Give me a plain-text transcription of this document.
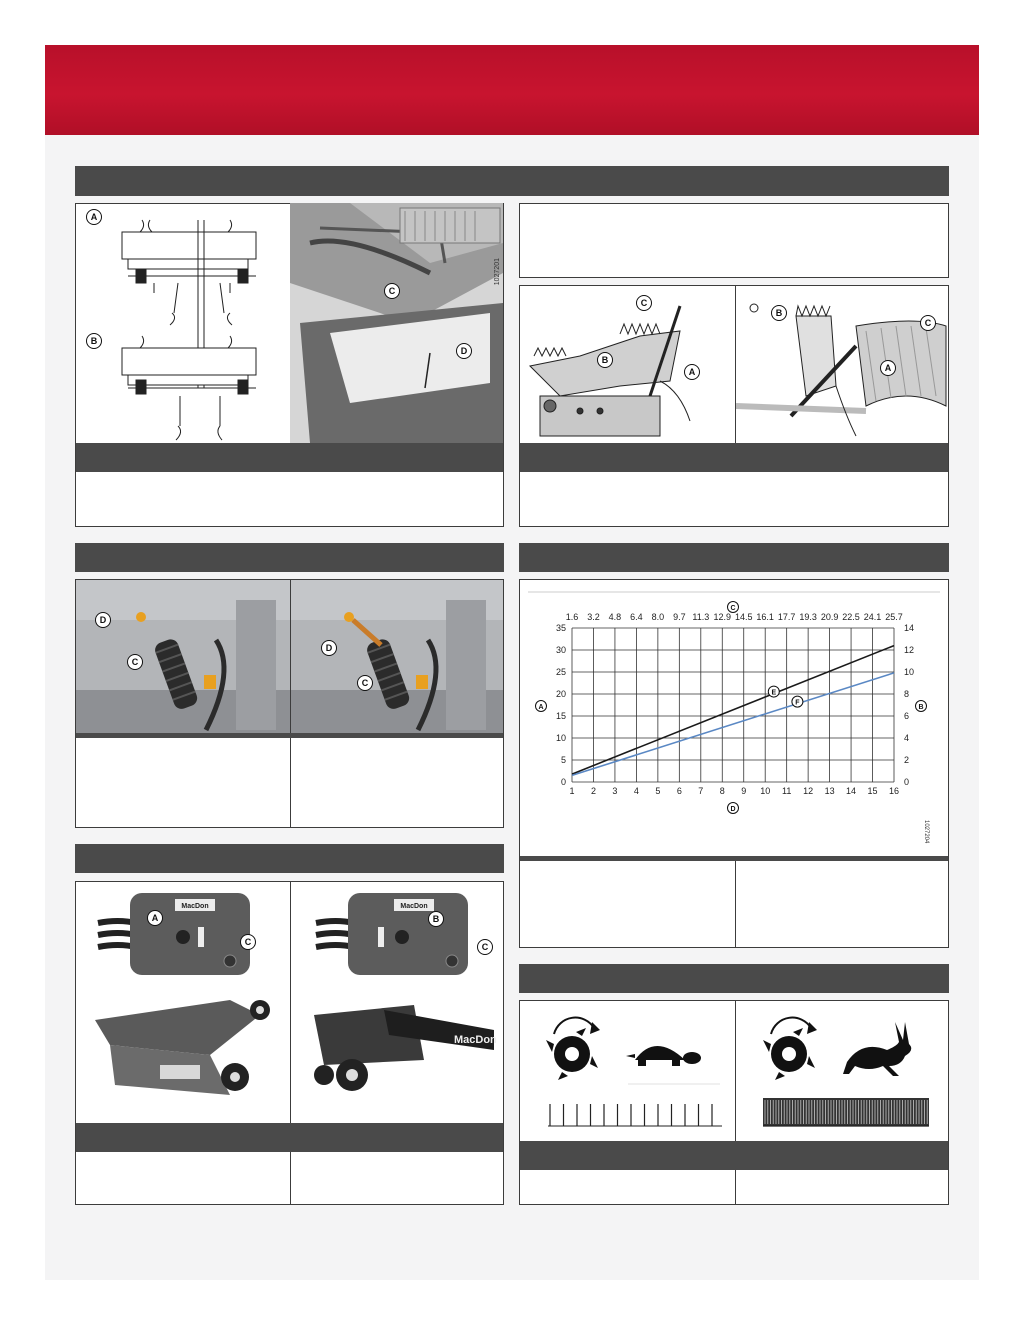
A
B
1027201
C
D
C
B
A
B
C
A
D
C
D
C
MacDon
A
C
MacDon
MacDon
B
C
1 2 3 4 5 6 7 8 9 10 11 12 13 14 15 16
1.6 3.2 4.8 6.4 8.0 9.7 11.3 12.9 14.5 16.1 17.7 19.3 20.9 22.5 24.1 25.7
0
5
10
15
20
25
30
35
0
2
4
6
8
10
12
14
C
D
A	B
E
F
1027204
